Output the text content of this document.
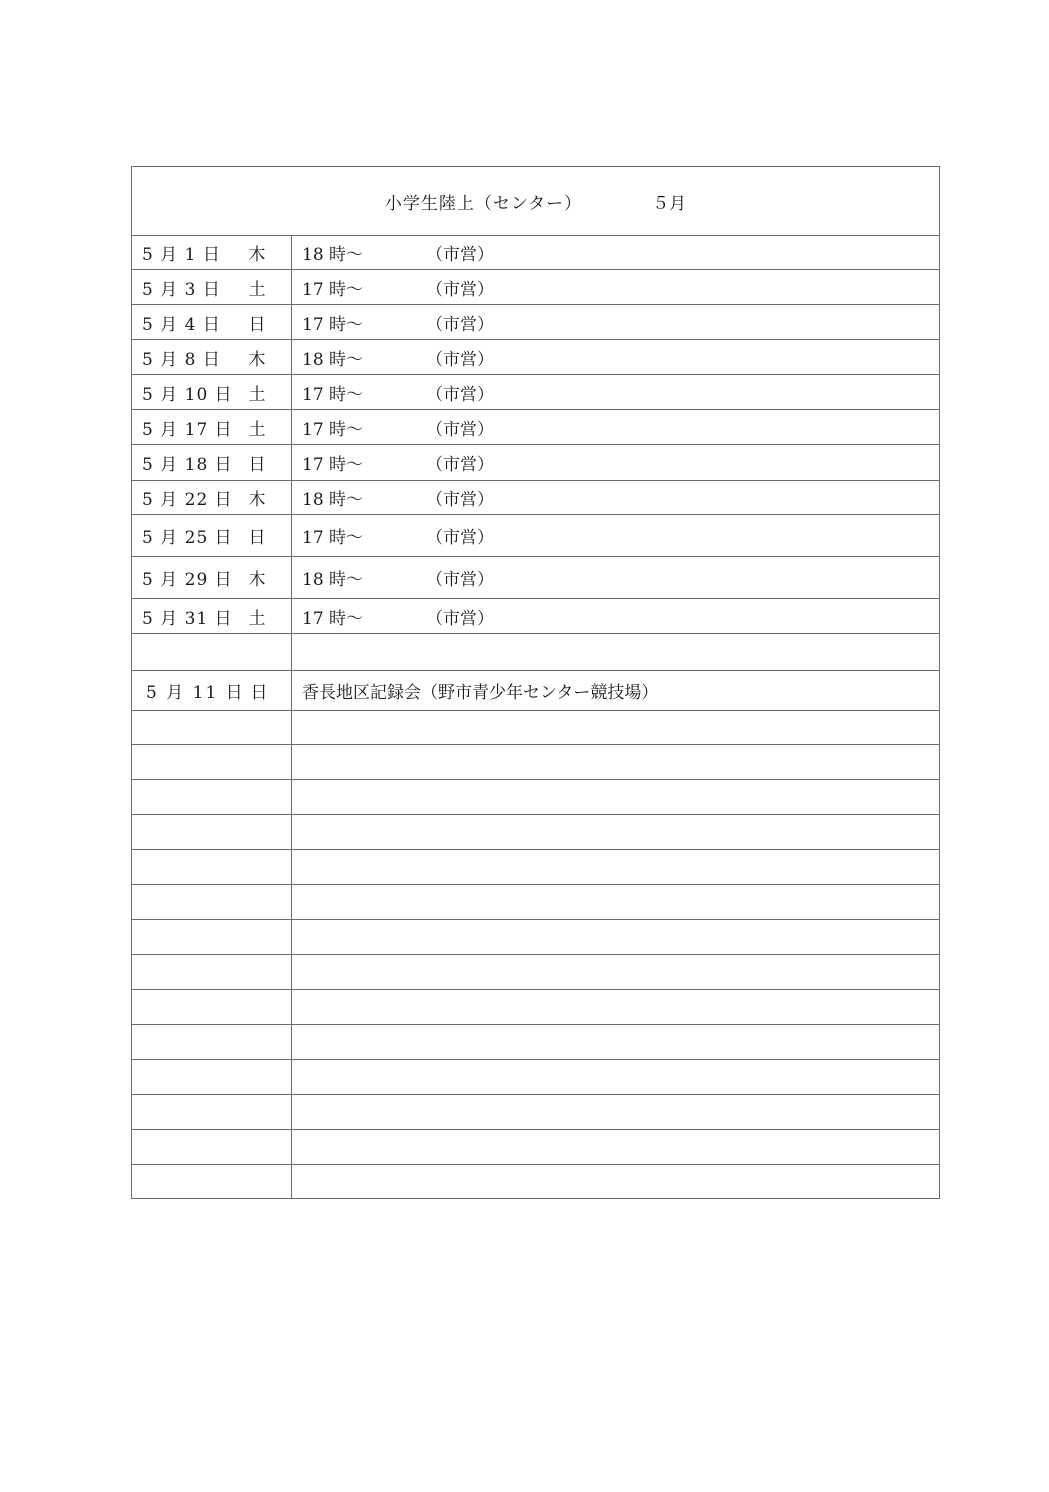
小学生陸上（センター） ５月	
5 月 1 日 木	18 時～ （市営）
5 月 3 日 土	17 時～ （市営）
5 月 4 日 日	17 時～ （市営）
5 月 8 日 木	18 時～ （市営）
5 月 10 日 土	17 時～ （市営）
5 月 17 日 土	17 時～ （市営）
5 月 18 日 日	17 時～ （市営）
5 月 22 日 木	18 時～ （市営）
5 月 25 日 日	17 時～ （市営）
5 月 29 日 木	18 時～ （市営）
5 月 31 日 土	17 時～ （市営）

5 月 11 日 日	香長地区記録会（野市青少年センター競技場）
